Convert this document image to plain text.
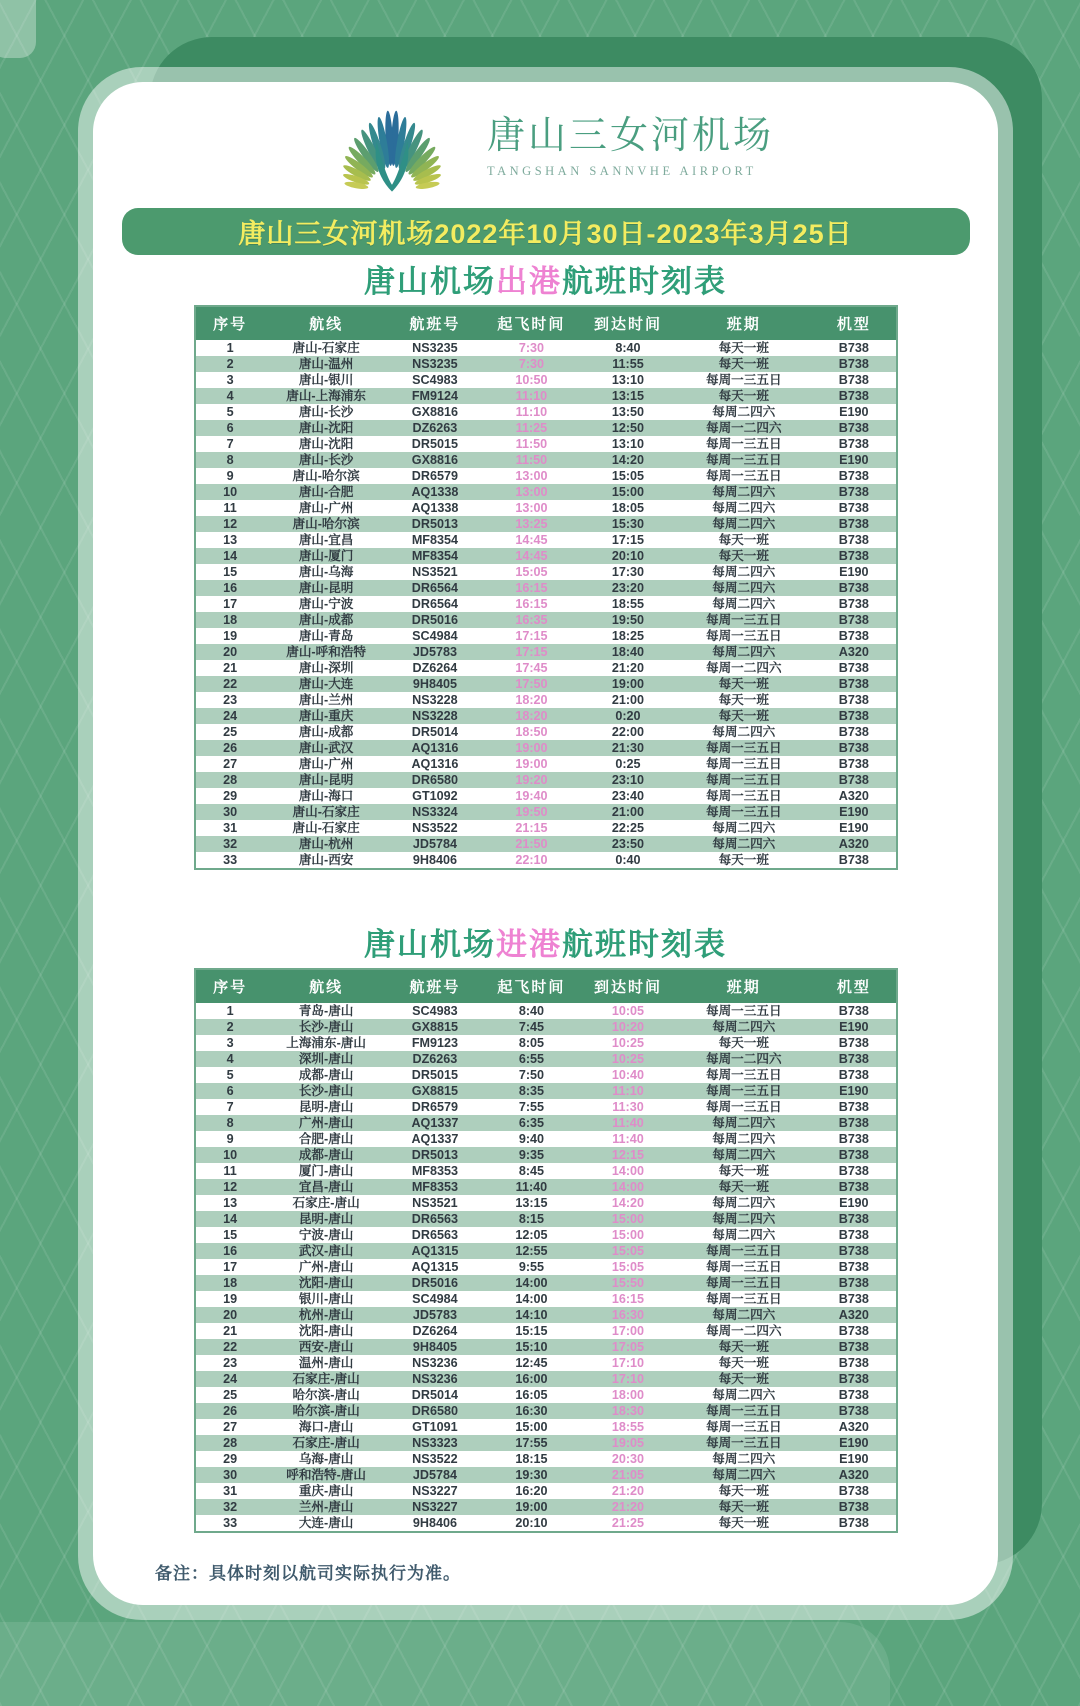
唐山三女河机场
TANGSHAN SANNVHE AIRPORT
唐山三女河机场2022年10月30日-2023年3月25日
唐山机场出港航班时刻表
序号	航线	航班号	起飞时间	到达时间	班期	机型
1	唐山-石家庄	NS3235	7:30	8:40	每天一班	B738
2	唐山-温州	NS3235	7:30	11:55	每天一班	B738
3	唐山-银川	SC4983	10:50	13:10	每周一三五日	B738
4	唐山-上海浦东	FM9124	11:10	13:15	每天一班	B738
5	唐山-长沙	GX8816	11:10	13:50	每周二四六	E190
6	唐山-沈阳	DZ6263	11:25	12:50	每周一二四六	B738
7	唐山-沈阳	DR5015	11:50	13:10	每周一三五日	B738
8	唐山-长沙	GX8816	11:50	14:20	每周一三五日	E190
9	唐山-哈尔滨	DR6579	13:00	15:05	每周一三五日	B738
10	唐山-合肥	AQ1338	13:00	15:00	每周二四六	B738
11	唐山-广州	AQ1338	13:00	18:05	每周二四六	B738
12	唐山-哈尔滨	DR5013	13:25	15:30	每周二四六	B738
13	唐山-宜昌	MF8354	14:45	17:15	每天一班	B738
14	唐山-厦门	MF8354	14:45	20:10	每天一班	B738
15	唐山-乌海	NS3521	15:05	17:30	每周二四六	E190
16	唐山-昆明	DR6564	16:15	23:20	每周二四六	B738
17	唐山-宁波	DR6564	16:15	18:55	每周二四六	B738
18	唐山-成都	DR5016	16:35	19:50	每周一三五日	B738
19	唐山-青岛	SC4984	17:15	18:25	每周一三五日	B738
20	唐山-呼和浩特	JD5783	17:15	18:40	每周二四六	A320
21	唐山-深圳	DZ6264	17:45	21:20	每周一二四六	B738
22	唐山-大连	9H8405	17:50	19:00	每天一班	B738
23	唐山-兰州	NS3228	18:20	21:00	每天一班	B738
24	唐山-重庆	NS3228	18:20	0:20	每天一班	B738
25	唐山-成都	DR5014	18:50	22:00	每周二四六	B738
26	唐山-武汉	AQ1316	19:00	21:30	每周一三五日	B738
27	唐山-广州	AQ1316	19:00	0:25	每周一三五日	B738
28	唐山-昆明	DR6580	19:20	23:10	每周一三五日	B738
29	唐山-海口	GT1092	19:40	23:40	每周一三五日	A320
30	唐山-石家庄	NS3324	19:50	21:00	每周一三五日	E190
31	唐山-石家庄	NS3522	21:15	22:25	每周二四六	E190
32	唐山-杭州	JD5784	21:50	23:50	每周二四六	A320
33	唐山-西安	9H8406	22:10	0:40	每天一班	B738
唐山机场进港航班时刻表
序号	航线	航班号	起飞时间	到达时间	班期	机型
1	青岛-唐山	SC4983	8:40	10:05	每周一三五日	B738
2	长沙-唐山	GX8815	7:45	10:20	每周二四六	E190
3	上海浦东-唐山	FM9123	8:05	10:25	每天一班	B738
4	深圳-唐山	DZ6263	6:55	10:25	每周一二四六	B738
5	成都-唐山	DR5015	7:50	10:40	每周一三五日	B738
6	长沙-唐山	GX8815	8:35	11:10	每周一三五日	E190
7	昆明-唐山	DR6579	7:55	11:30	每周一三五日	B738
8	广州-唐山	AQ1337	6:35	11:40	每周二四六	B738
9	合肥-唐山	AQ1337	9:40	11:40	每周二四六	B738
10	成都-唐山	DR5013	9:35	12:15	每周二四六	B738
11	厦门-唐山	MF8353	8:45	14:00	每天一班	B738
12	宜昌-唐山	MF8353	11:40	14:00	每天一班	B738
13	石家庄-唐山	NS3521	13:15	14:20	每周二四六	E190
14	昆明-唐山	DR6563	8:15	15:00	每周二四六	B738
15	宁波-唐山	DR6563	12:05	15:00	每周二四六	B738
16	武汉-唐山	AQ1315	12:55	15:05	每周一三五日	B738
17	广州-唐山	AQ1315	9:55	15:05	每周一三五日	B738
18	沈阳-唐山	DR5016	14:00	15:50	每周一三五日	B738
19	银川-唐山	SC4984	14:00	16:15	每周一三五日	B738
20	杭州-唐山	JD5783	14:10	16:30	每周二四六	A320
21	沈阳-唐山	DZ6264	15:15	17:00	每周一二四六	B738
22	西安-唐山	9H8405	15:10	17:05	每天一班	B738
23	温州-唐山	NS3236	12:45	17:10	每天一班	B738
24	石家庄-唐山	NS3236	16:00	17:10	每天一班	B738
25	哈尔滨-唐山	DR5014	16:05	18:00	每周二四六	B738
26	哈尔滨-唐山	DR6580	16:30	18:30	每周一三五日	B738
27	海口-唐山	GT1091	15:00	18:55	每周一三五日	A320
28	石家庄-唐山	NS3323	17:55	19:05	每周一三五日	E190
29	乌海-唐山	NS3522	18:15	20:30	每周二四六	E190
30	呼和浩特-唐山	JD5784	19:30	21:05	每周二四六	A320
31	重庆-唐山	NS3227	16:20	21:20	每天一班	B738
32	兰州-唐山	NS3227	19:00	21:20	每天一班	B738
33	大连-唐山	9H8406	20:10	21:25	每天一班	B738
备注：具体时刻以航司实际执行为准。
